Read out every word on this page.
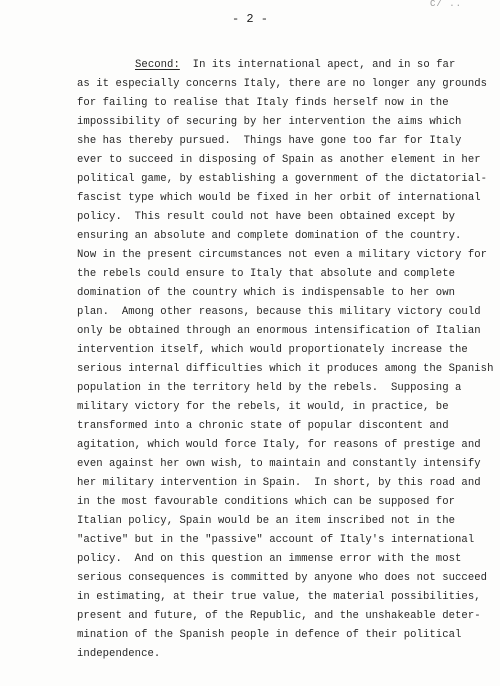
C/ ..
- 2 -
Second:  In its international apect, and in so far
as it especially concerns Italy, there are no longer any grounds
for failing to realise that Italy finds herself now in the
impossibility of securing by her intervention the aims which
she has thereby pursued.  Things have gone too far for Italy
ever to succeed in disposing of Spain as another element in her
political game, by establishing a government of the dictatorial-
fascist type which would be fixed in her orbit of international
policy.  This result could not have been obtained except by
ensuring an absolute and complete domination of the country.
Now in the present circumstances not even a military victory for
the rebels could ensure to Italy that absolute and complete
domination of the country which is indispensable to her own
plan.  Among other reasons, because this military victory could
only be obtained through an enormous intensification of Italian
intervention itself, which would proportionately increase the
serious internal difficulties which it produces among the Spanish
population in the territory held by the rebels.  Supposing a
military victory for the rebels, it would, in practice, be
transformed into a chronic state of popular discontent and
agitation, which would force Italy, for reasons of prestige and
even against her own wish, to maintain and constantly intensify
her military intervention in Spain.  In short, by this road and
in the most favourable conditions which can be supposed for
Italian policy, Spain would be an item inscribed not in the
"active" but in the "passive" account of Italy's international
policy.  And on this question an immense error with the most
serious consequences is committed by anyone who does not succeed
in estimating, at their true value, the material possibilities,
present and future, of the Republic, and the unshakeable deter-
mination of the Spanish people in defence of their political
independence.
